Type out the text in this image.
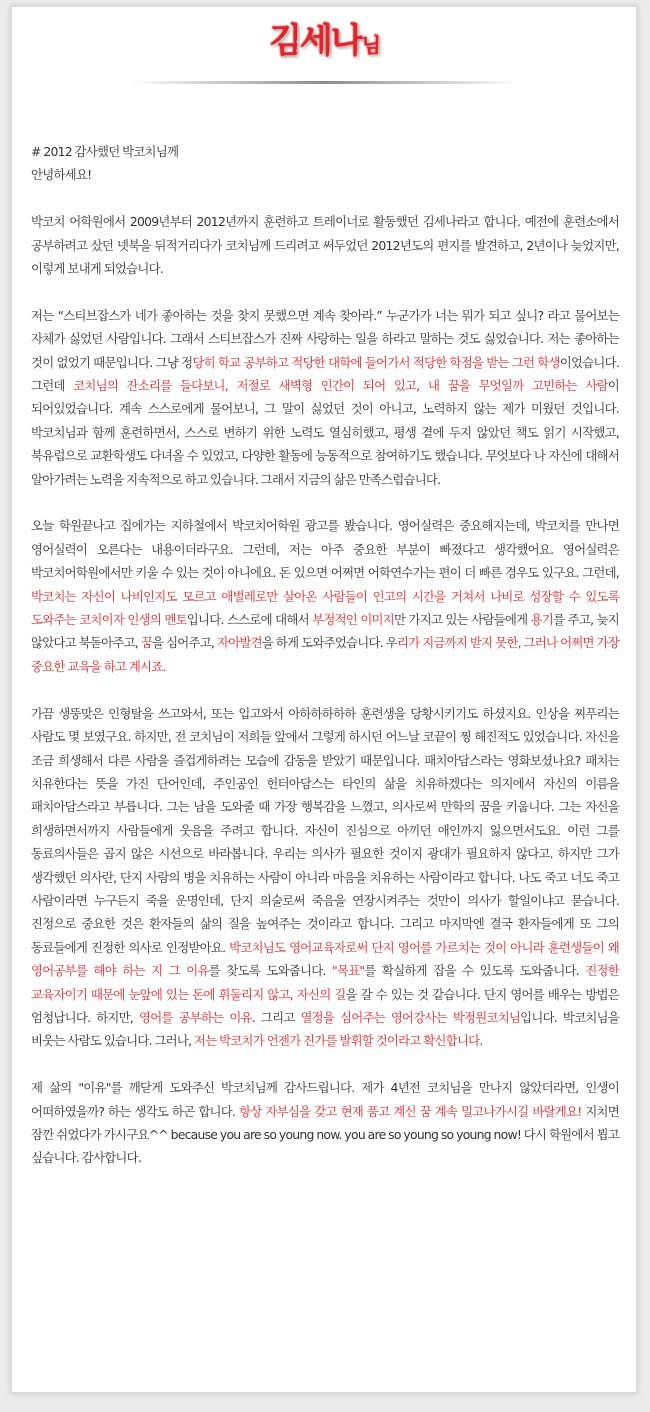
김세나님
# 2012 감사했던 박코치님께
안녕하세요!

박코치 어학원에서 2009년부터 2012년까지 훈련하고 트레이너로 활동했던 김세나라고 합니다. 예전에 훈련소에서 공부하려고 샀던 넷북을 뒤적거리다가 코치님께 드리려고 써두었던 2012년도의 편지를 발견하고, 2년이나 늦었지만, 이렇게 보내게 되었습니다.

저는 “스티브잡스가 네가 좋아하는 것을 찾지 못했으면 계속 찾아라.” 누군가가 너는 뭐가 되고 싶니? 라고 물어보는 자체가 싫었던 사람입니다. 그래서 스티브잡스가 진짜 사랑하는 일을 하라고 말하는 것도 싫었습니다. 저는 좋아하는 것이 없었기 때문입니다. 그냥 정당히 학교 공부하고 적당한 대학에 들어가서 적당한 학점을 받는 그런 학생이었습니다. 그런데 코치님의 잔소리를 들다보니, 저절로 새벽형 인간이 되어 있고, 내 꿈을 무엇일까 고민하는 사람이 되어있었습니다. 계속 스스로에게 물어보니, 그 말이 싫었던 것이 아니고, 노력하지 않는 제가 미웠던 것입니다. 박코치님과 함께 훈련하면서, 스스로 변하기 위한 노력도 열심히했고, 평생 곁에 두지 않았던 책도 읽기 시작했고, 북유럽으로 교환학생도 다녀올 수 있었고, 다양한 활동에 능동적으로 참여하기도 했습니다. 무엇보다 나 자신에 대해서 알아가려는 노력을 지속적으로 하고 있습니다. 그래서 지금의 삶은 만족스럽습니다.

오늘 학원끝나고 집에가는 지하철에서 박코치어학원 광고를 봤습니다. 영어실력은 중요해지는데, 박코치를 만나면 영어실력이 오른다는 내용이더라구요. 그런데, 저는 아주 중요한 부분이 빠졌다고 생각했어요. 영어실력은 박코치어학원에서만 키울 수 있는 것이 아니에요. 돈 있으면 어쩌면 어학연수가는 편이 더 빠른 경우도 있구요. 그런데, 박코치는 자신이 나비인지도 모르고 애벌레로만 살아온 사람들이 인고의 시간을 거쳐서 나비로 성장할 수 있도록 도와주는 코치이자 인생의 멘토입니다. 스스로에 대해서 부정적인 이미지만 가지고 있는 사람들에게 용기를 주고, 늦지 않았다고 북돋아주고, 꿈을 심어주고, 자아발견을 하게 도와주었습니다. 우리가 지금까지 받지 못한, 그러나 어쩌면 가장 중요한 교육을 하고 계시죠.

가끔 생뚱맞은 인형탈을 쓰고와서, 또는 입고와서 아하하하하하 훈련생을 당황시키기도 하셨지요. 인상을 찌푸리는 사람도 몇 보였구요. 하지만, 전 코치님이 저희들 앞에서 그렇게 하시던 어느날 코끝이 찡 해진적도 있었습니다. 자신을 조금 희생해서 다른 사람을 즐겁게하려는 모습에 감동을 받았기 때문입니다. 패치아담스라는 영화보셨나요? 패치는 치유한다는 뜻을 가진 단어인데, 주인공인 헌터아담스는 타인의 삶을 치유하겠다는 의지에서 자신의 이름을 패치아담스라고 부릅니다. 그는 남을 도와줄 때 가장 행복감을 느꼈고, 의사로써 만학의 꿈을 키웁니다. 그는 자신을 희생하면서까지 사람들에게 웃음을 주려고 합니다. 자신이 진심으로 아끼던 애인까지 잃으면서도요. 이런 그를 동료의사들은 곱지 않은 시선으로 바라봅니다. 우리는 의사가 필요한 것이지 광대가 필요하지 않다고. 하지만 그가 생각했던 의사란, 단지 사람의 병을 치유하는 사람이 아니라 마음을 치유하는 사람이라고 합니다. 나도 죽고 너도 죽고 사람이라면 누구든지 죽을 운명인데, 단지 의술로써 죽음을 연장시켜주는 것만이 의사가 할일이냐고 묻습니다. 진정으로 중요한 것은 환자들의 삶의 질을 높여주는 것이라고 합니다. 그리고 마지막엔 결국 환자들에게 또 그의 동료들에게 진정한 의사로 인정받아요. 박코치님도 영어교육자로써 단지 영어를 가르치는 것이 아니라 훈련생들이 왜 영어공부를 해야 하는 지 그 이유를 찾도록 도와줍니다. "목표"를 확실하게 잡을 수 있도록 도와줍니다. 진정한 교육자이기 때문에 눈앞에 있는 돈에 휘둘리지 않고, 자신의 길을 갈 수 있는 것 같습니다. 단지 영어를 배우는 방법은 엄청납니다. 하지만, 영어를 공부하는 이유. 그리고 열정을 심어주는 영어강사는 박정원코치님입니다. 박코치님을 비웃는 사람도 있습니다. 그러나, 저는 박코치가 언젠가 진가를 발휘할 것이라고 확신합니다.

제 삶의 "이유"를 깨닫게 도와주신 박코치님께 감사드립니다. 제가 4년전 코치님을 만나지 않았더라면, 인생이 어떠하였을까? 하는 생각도 하곤 합니다. 항상 자부심을 갖고 현재 품고 계신 꿈 계속 밀고나가시길 바랄게요! 지치면 잠깐 쉬었다가 가시구요^^ because you are so young now. you are so young so young now! 다시 학원에서 뵙고 싶습니다. 감사합니다.
